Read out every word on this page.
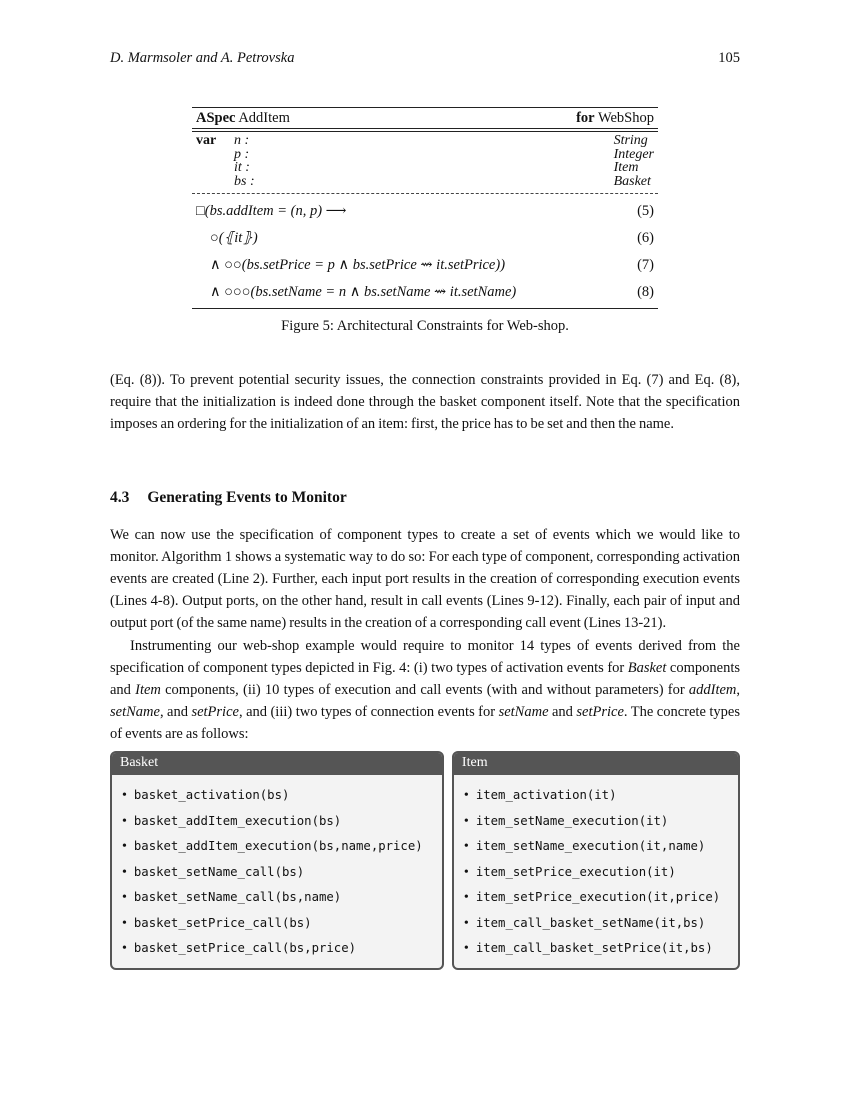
D. Marmsoler and A. Petrovska	105
ASpec AddItem	for WebShop
var	n :	String
p :	Integer
it :	Item
bs :	Basket
□(bs.addItem = (n, p) ⟶	(5)
○(⦃it⦄)	(6)
∧ ○○(bs.setPrice = p ∧ bs.setPrice ⇝ it.setPrice))	(7)
∧ ○○○(bs.setName = n ∧ bs.setName ⇝ it.setName)	(8)
Figure 5: Architectural Constraints for Web-shop.

(Eq. (8)). To prevent potential security issues, the connection constraints provided in Eq. (7) and Eq. (8), require that the initialization is indeed done through the basket component itself. Note that the specification imposes an ordering for the initialization of an item: first, the price has to be set and then the name.

4.3 Generating Events to Monitor

We can now use the specification of component types to create a set of events which we would like to monitor. Algorithm 1 shows a systematic way to do so: For each type of component, corresponding activation events are created (Line 2). Further, each input port results in the creation of corresponding execution events (Lines 4-8). Output ports, on the other hand, result in call events (Lines 9-12). Finally, each pair of input and output port (of the same name) results in the creation of a corresponding call event (Lines 13-21).

Instrumenting our web-shop example would require to monitor 14 types of events derived from the specification of component types depicted in Fig. 4: (i) two types of activation events for Basket components and Item components, (ii) 10 types of execution and call events (with and without parameters) for addItem, setName, and setPrice, and (iii) two types of connection events for setName and setPrice. The concrete types of events are as follows:

Basket
• basket_activation(bs)
• basket_addItem_execution(bs)
• basket_addItem_execution(bs,name,price)
• basket_setName_call(bs)
• basket_setName_call(bs,name)
• basket_setPrice_call(bs)
• basket_setPrice_call(bs,price)
Item
• item_activation(it)
• item_setName_execution(it)
• item_setName_execution(it,name)
• item_setPrice_execution(it)
• item_setPrice_execution(it,price)
• item_call_basket_setName(it,bs)
• item_call_basket_setPrice(it,bs)
